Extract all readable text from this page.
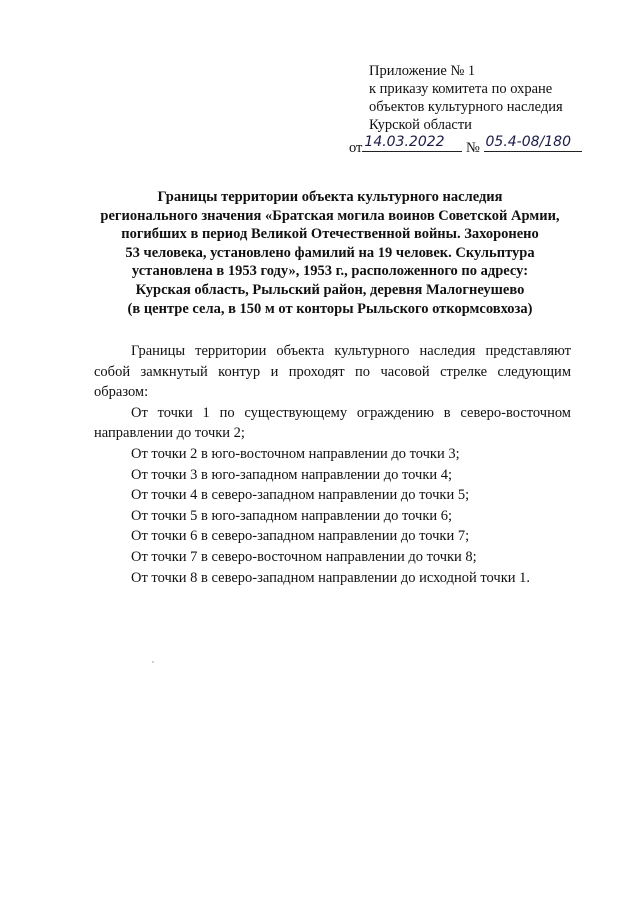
Приложение № 1
к приказу комитета по охране
объектов культурного наследия
Курской области
от 14.03.2022 № 05.4-08/180
Границы территории объекта культурного наследия
регионального значения «Братская могила воинов Советской Армии,
погибших в период Великой Отечественной войны. Захоронено
53 человека, установлено фамилий на 19 человек. Скульптура
установлена в 1953 году», 1953 г., расположенного по адресу:
Курская область, Рыльский район, деревня Малогнеушево
(в центре села, в 150 м от конторы Рыльского откормсовхоза)

Границы территории объекта культурного наследия представляют собой замкнутый контур и проходят по часовой стрелке следующим образом:

От точки 1 по существующему ограждению в северо-восточном направлении до точки 2;

От точки 2 в юго-восточном направлении до точки 3;

От точки 3 в юго-западном направлении до точки 4;

От точки 4 в северо-западном направлении до точки 5;

От точки 5 в юго-западном направлении до точки 6;

От точки 6 в северо-западном направлении до точки 7;

От точки 7 в северо-восточном направлении до точки 8;

От точки 8 в северо-западном направлении до исходной точки 1.
